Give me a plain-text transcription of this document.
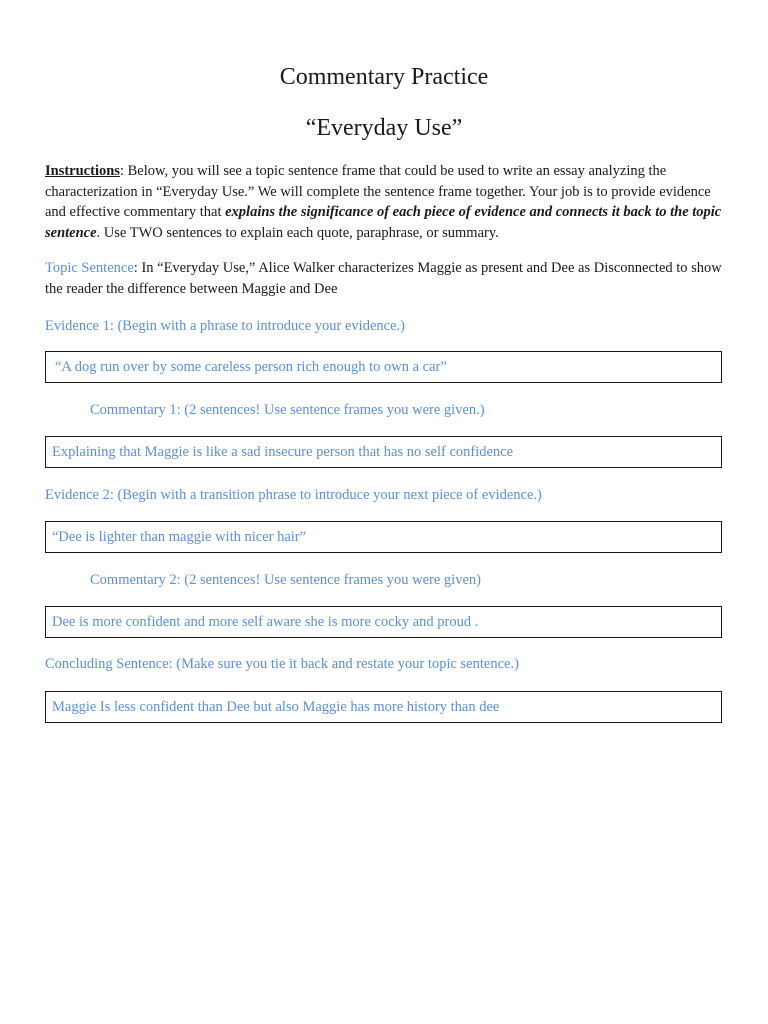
Commentary Practice
“Everyday Use”
Instructions: Below, you will see a topic sentence frame that could be used to write an essay analyzing the characterization in “Everyday Use.” We will complete the sentence frame together. Your job is to provide evidence and effective commentary that explains the significance of each piece of evidence and connects it back to the topic sentence. Use TWO sentences to explain each quote, paraphrase, or summary.
Topic Sentence: In “Everyday Use,” Alice Walker characterizes Maggie as present and Dee as Disconnected to show the reader the difference between Maggie and Dee
Evidence 1: (Begin with a phrase to introduce your evidence.)
“A dog run over by some careless person rich enough to own a car”
Commentary 1: (2 sentences! Use sentence frames you were given.)
Explaining that Maggie is like a sad insecure person that has no self confidence
Evidence 2: (Begin with a transition phrase to introduce your next piece of evidence.)
“Dee is lighter than maggie with nicer hair”
Commentary 2: (2 sentences! Use sentence frames you were given)
Dee is more confident and more self aware she is more cocky and proud .
Concluding Sentence: (Make sure you tie it back and restate your topic sentence.)
Maggie Is less confident than Dee but also Maggie has more history than dee
